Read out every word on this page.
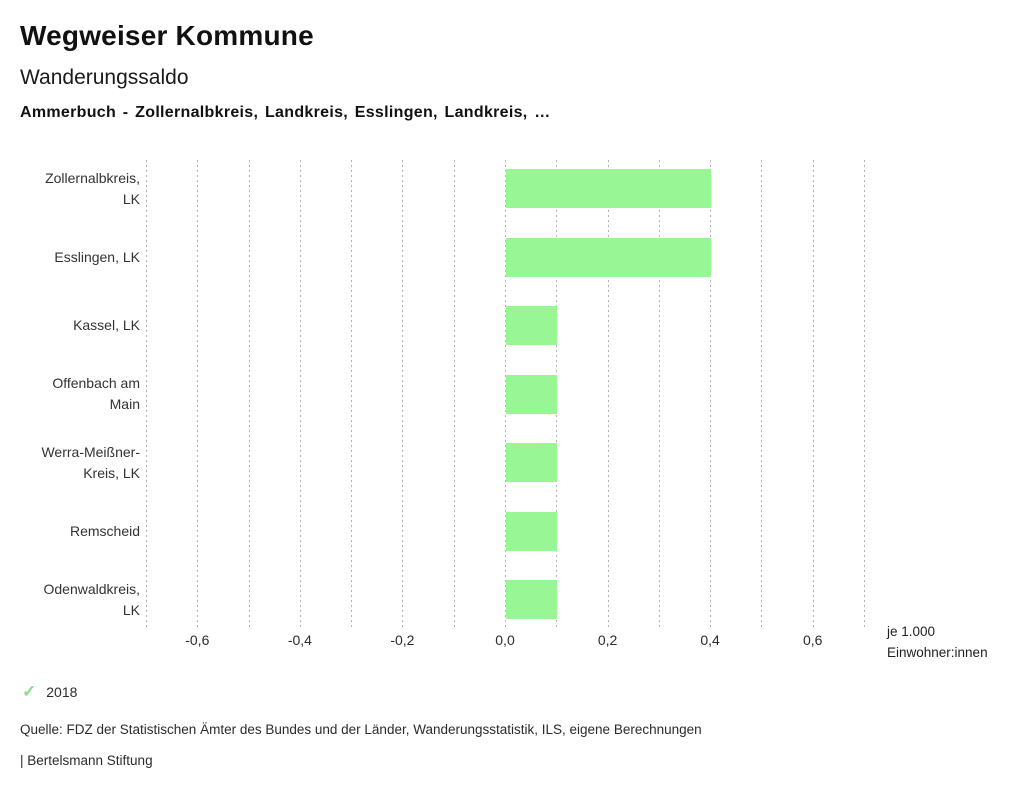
Wegweiser Kommune
Wanderungssaldo
Ammerbuch - Zollernalbkreis, Landkreis, Esslingen, Landkreis, …
Zollernalbkreis,
LK
Esslingen, LK
Kassel, LK
Offenbach am
Main
Werra-Meißner-
Kreis, LK
Remscheid
Odenwaldkreis,
LK
-0,6	-0,4	-0,2	0,0	0,2	0,4	0,6
je 1.000
Einwohner:innen
✓ 2018
Quelle: FDZ der Statistischen Ämter des Bundes und der Länder, Wanderungsstatistik, ILS, eigene Berechnungen
| Bertelsmann Stiftung
